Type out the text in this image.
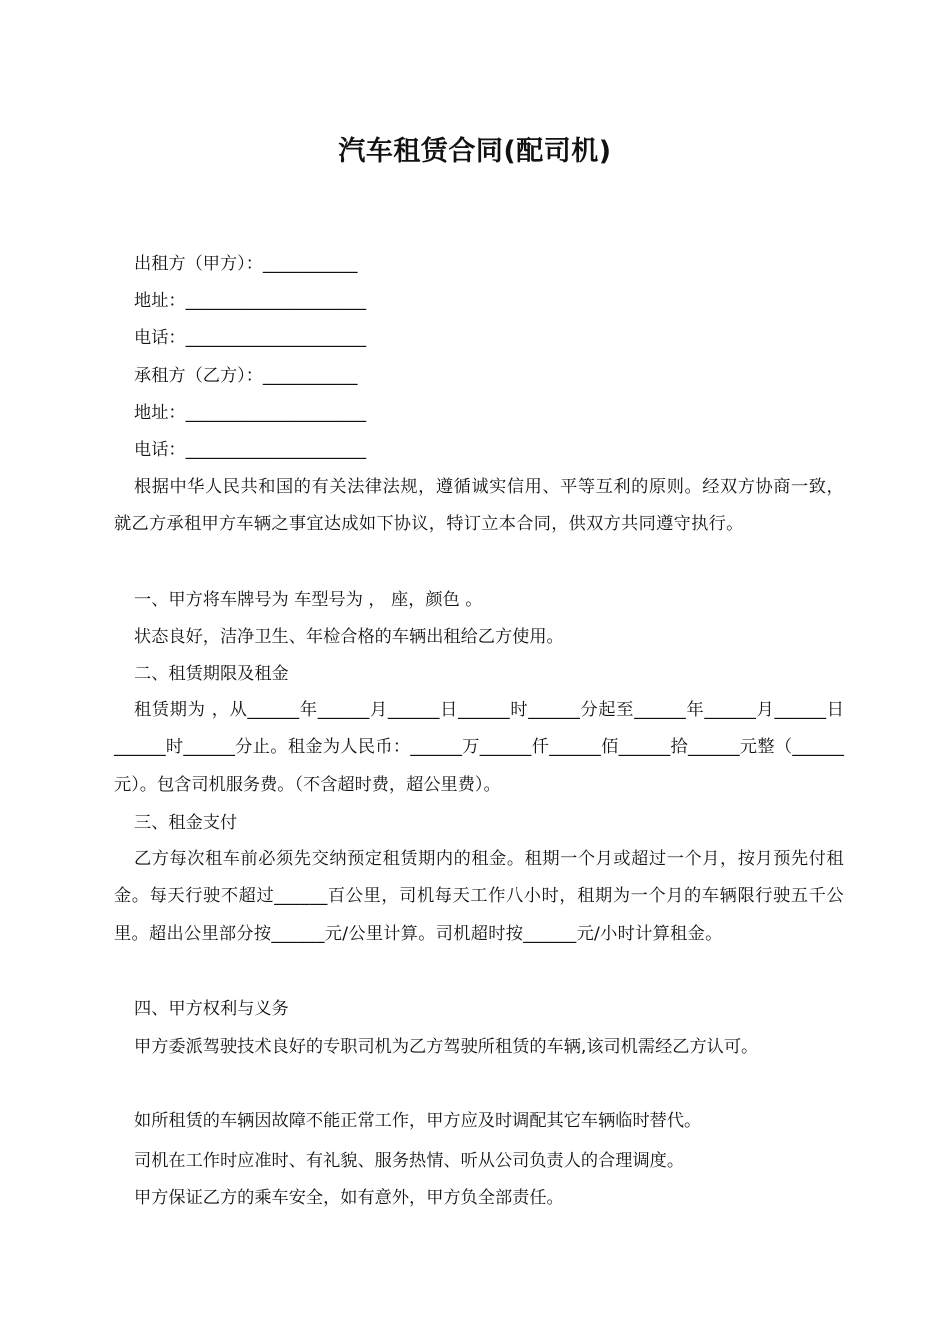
汽车租赁合同(配司机)
出租方（甲方）：___________
地址：_____________________
电话：_____________________
承租方（乙方）：___________
地址：_____________________
电话：_____________________
根据中华人民共和国的有关法律法规，遵循诚实信用、平等互利的原则。经双方协商一致，就乙方承租甲方车辆之事宜达成如下协议，特订立本合同，供双方共同遵守执行。
一、甲方将车牌号为 车型号为 ， 座，颜色 。
状态良好，洁净卫生、年检合格的车辆出租给乙方使用。
二、租赁期限及租金
租赁期为 ，从______年______月______日______时______分起至______年______月______日______时______分止。租金为人民币：______万______仟______佰______拾______元整（______元）。包含司机服务费。（不含超时费，超公里费）。
三、租金支付
乙方每次租车前必须先交纳预定租赁期内的租金。租期一个月或超过一个月，按月预先付租金。每天行驶不超过______百公里，司机每天工作八小时，租期为一个月的车辆限行驶五千公里。超出公里部分按______元/公里计算。司机超时按______元/小时计算租金。
四、甲方权利与义务
甲方委派驾驶技术良好的专职司机为乙方驾驶所租赁的车辆,该司机需经乙方认可。
如所租赁的车辆因故障不能正常工作，甲方应及时调配其它车辆临时替代。
司机在工作时应准时、有礼貌、服务热情、听从公司负责人的合理调度。
甲方保证乙方的乘车安全，如有意外，甲方负全部责任。
